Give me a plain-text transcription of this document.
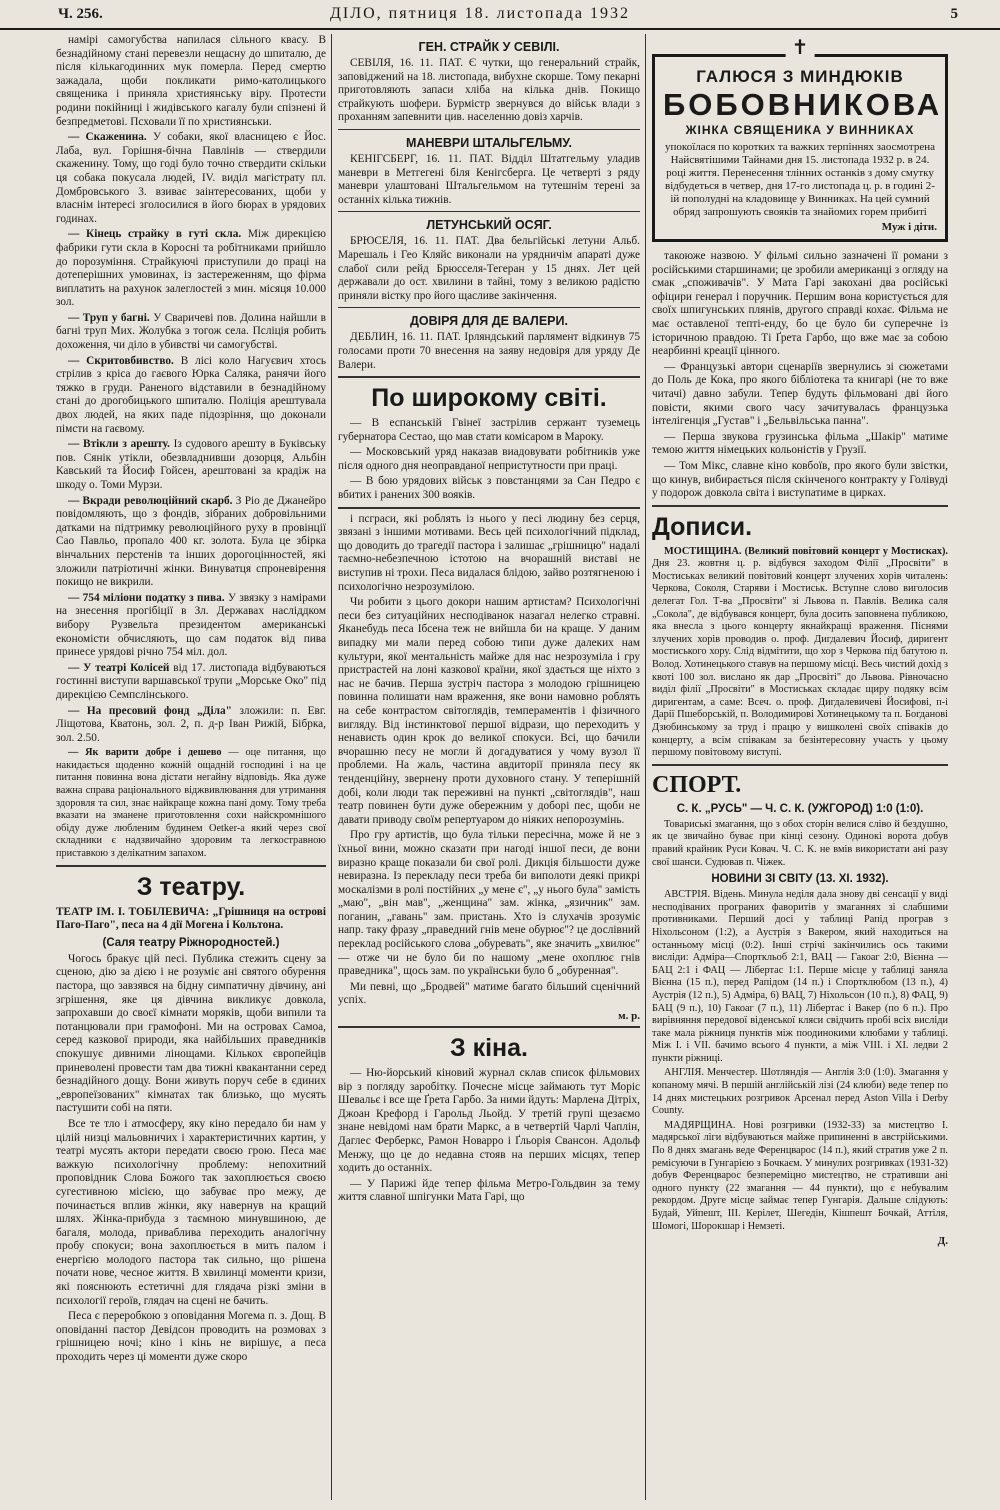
Ч. 256.	ДІЛО, пятниця 18. листопада 1932	5

намірі самогубства напилася сільного квасу. В безнадійному стані перевезли нещасну до шпиталю, де після кількагодинних мук померла. Перед смертю зажадала, щоби покликати римо-католицького священика і приняла християнську віру. Протести родини покійниці і жидівського кагалу були спізнені й безпредметові. Псховали її по християнськи.

— Скаженина. У собаки, якої власницею є Йос. Лаба, вул. Горішня-бічна Павлінів — ствердили скаженину. Тому, що годі було точно ствердити скільки ця собака покусала людей, IV. виділ магістрату пл. Домбровського 3. взиває заінтересованих, щоби у власнім інтересі зголосилися в його бюрах в урядових годинах.

— Кінець страйку в гуті скла. Між дирекцією фабрики гути скла в Коросні та робітниками прийшло до порозуміння. Страйкуючі приступили до праці на дотеперішних умовинах, із застереженням, що фірма виплатить на рахунок залеглостей з мин. місяця 10.000 зол.

— Труп у багні. У Сваричеві пов. Долина найшли в багні труп Мих. Жолубка з тогож села. Псліція робить дохоження, чи діло в убивстві чи самогубстві.

— Скритовбивство. В лісі коло Нагуєвич хтось стрілив з кріса до гаєвого Юрка Саляка, ранячи його тяжко в груди. Раненого відставили в безнадійному стані до дрогобицького шпиталю. Поліція арештувала двох людей, на яких паде підозріння, що доконали пімсти на гаєвому.

— Втікли з арешту. Із судового арешту в Буківську пов. Сянік утікли, обезвладнивши дозорця, Альбін Кавський та Йосиф Гойсен, арештовані за крадіж на шкоду о. Томи Мурзи.

— Вкради революційний скарб. З Ріо де Джанейро повідомляють, що з фондів, зібраних добровільними датками на підтримку революційного руху в провінції Сао Павльо, пропало 400 кг. золота. Була це збірка вінчальних перстенів та інших дорогоцінностей, які зложили патріотичні жінки. Винуватця спроневірення покищо не викрили.

— 754 міліони податку з пива. У звязку з намірами на знесення прогібіції в Зл. Державах насліддком вибору Рузвельта президентом американські економісти обчисляють, що сам податок від пива принесе урядові річно 754 міл. дол.

— У театрі Колісей від 17. листопада відбуваються гостинні виступи варшавської трупи „Морське Око" під дирекцією Семпслінського.

— На пресовий фонд „Діла" зложили: п. Евг. Ліщотова, Кватонь, зол. 2, п. д-р Іван Рижій, Бібрка, зол. 2.50.

— Як варити добре і дешево — оце питання, що накидається щоденно кожній ощадній господині і на це питання повинна вона дістати негайну відповідь. Яка дуже важна справа раціонального віджвивлювання для утримання здоровля та сил, знає найкраще кожна пані дому. Тому треба вказати на зманене приготовлення сохи найскромнішого обіду дуже любленим будинем Oetker-а який через свої складники є надзвичайно здоровим та легкострaвною приставкою з делікатним запахом.

З театру.

ТЕАТР ІМ. І. ТОБІЛЕВИЧА: „Грішниця на острові Паго-Паго", песа на 4 дії Могена і Кольтона.

(Саля театру Ріжнородностей.)

Чогось бракує цій песі. Публика стежить сцену за сценою, дію за дією і не розуміє ані святого обурення пастора, що завзявся на бідну симпатичну дівчину, ані згрішення, яке ця дівчина викликує довкола, запрохавши до своєї кімнати моряків, щоби випили та потанцювали при грамофоні. Ми на островах Самоа, серед казкової природи, яка найбільших праведників спокушує дивними лінощами. Кількох європейців приневолені провести там два тижні квакантанни серед безнадійного дощу. Вони живуть поруч себе в єдиних „европеїзованих" кімнатах так близько, що мусять пастушити собі на пяти.

Все те тло і атмосферу, яку кіно передало би нам у цілій низці мальовничих і характеристичних картин, у театрі мусять актори передати своєю грою. Песа має важкую психологічну проблему: непохитний проповідник Слова Божого так захоплюється своєю сугестивною місією, що забуває про межу, де починається вплив жінки, яку навернув на кращий шлях. Жінка-прибуда з таємною минувшиною, де багаля, молода, приваблива переходить аналогічну пробу спокуси; вона захоплюється в мить палом і енергією молодого пастора так сильно, що рішена почати нове, чесное життя. В хвилинці моменти кризи, які пояснюють естетичні для глядача різкі зміни в психології героїв, глядач на сцені не бачить.

Песа є переробкою з оповідання Могема п. з. Дощ. В оповіданні пастор Девідсон проводить на розмовах з грішницею ночі; кіно і кінь не вирішує, а песа проходить через ці моменти дуже скоро

ГЕН. СТРАЙК У СЕВІЛІ.

СЕВІЛЯ, 16. 11. ПАТ. Є чутки, що генеральний страйк, заповіджений на 18. листопада, вибухне скорше. Тому пекарні приготовляють запаси хліба на кілька днів. Покищо страйкують шофери. Бурмістр звернувся до військ влади з проханням запевнити цив. населенню довіз харчів.

МАНЕВРИ ШТАЛЬГЕЛЬМУ.

КЕНІГСБЕРГ, 16. 11. ПАТ. Відділ Штатгельму уладив маневри в Метгегені біля Кенігсберга. Це четверті з ряду маневри улаштовані Штальгельмом на тутешнім терені за останніх кілька тижнів.

ЛЕТУНСЬКИЙ ОСЯГ.

БРЮСЕЛЯ, 16. 11. ПАТ. Два бельгійські летуни Альб. Марешаль і Гео Кляйс виконали на урядничім апараті дуже слабої сили рейд Брюсселя-Тегеран у 15 днях. Лет цей державали до ост. хвилини в тайні, тому з великою радістю приняли вістку про його щасливе закінчення.

ДОВІРЯ ДЛЯ ДЕ ВАЛЕРИ.

ДЕБЛИН, 16. 11. ПАТ. Ірляндський парлямент відкинув 75 голосами проти 70 внесення на заяву недовіря для уряду Де Валери.

По широкому світі.

— В еспанській Гвінеї застрілив сержант туземець губернатора Сестао, що мав стати комісаром в Мароку.

— Московський уряд наказав виадовувати робітників уже після одного дня неоправданої непристутности при праці.

— В бою урядових військ з повстанцями за Сан Педро є вбитих і ранених 300 вояків.

і псграси, які роблять із нього у песі людину без серця, звязані з іншими мотивами. Весь цей психологічний підклад, що доводить до трагедії пастора і залишає „грішницю" надалі таємно-небезпечною істотою на вчорашній виставі не виступив ні трохи. Песа видалася блідою, зайво розтягненою і психологічно незрозумілою.

Чи робити з цього докори нашим артистам? Психологічні песи без ситуаційних несподіванок назагал нелегко стравні. Яканебудь песа Ібсена теж не вийшла би на кращe. У даним випадку ми мали перед собою типи дуже далеких нам культури, якої ментальність майже для нас незрозуміла і гру пристрастей на лоні казкової країни, якої здається ще ніхто з нас не бачив. Перша зустріч пастора з молодою грішницею повинна полишати нам враження, яке вони намовно роблять на себе контрастом світоглядів, темпераментів і фізичного вигляду. Від інстинктової першої відрази, що переходить у ненависть один крок до великої спокуси. Всі, що бачили вчорашню песу не могли й догадуватися у чому вузол її проблеми. На жаль, частина авдиторії приняла песу як тенденційну, звернену проти духовного стану. У теперішній добі, коли люди так переживні на пунктi „світоглядів", наш театр повинен бути дуже обережним у доборі пес, щоби не давати приводу своїм репертуаром до ніяких непорозумінь.

Про гру артистів, що була тільки пересічна, може й не з їхньої вини, можно сказати при нагоді іншої песи, де вони виразно краще показали би свої ролі. Дикція більшости дуже невиразна. Із перекладу песи треба би виполоти деякі прикрі москалізми в ролі постійних „у мене є", „у нього була" замість „маю", „він мав", „женщина" зам. жінка, „язичник" зам. поганин, „гавань" зам. пристань. Хто із слухачів зрозуміє напр. таку фразу „праведний гнів мене обурює"? це дослівний переклад російського слова „обуревать", яке значить „хвилює" — отже чи не було би по нашому „мене охоплює гнів праведника", щось зам. по українськи було б „обуренная".

Ми певні, що „Бродвей" матиме багато більший сценічний успіх.

м. р.
З кіна.

— Ню-йорський кіновий журнал склав список фільмових вір з погляду заробітку. Почесне місце займають тут Моріс Шевальє і все ще Ґрета Гарбо. За ними йдуть: Марлена Дітріх, Джоан Крефорд і Гарольд Льойд. У третій групі щезаємо знане невідомі нам брати Маркс, а в четвертій Чарлі Чаплін, Даглес Ферберкс, Рамон Новарро і Ґльорія Свансон. Адольф Менжу, що це до недавна стояв на перших місцях, тепер ходить до останніх.

— У Парижі йде тепер фільма Метро-Гольдвин за тему життя славної шпігунки Мата Гарі, що

✝
ГАЛЮСЯ З МИНДЮКІВ
БОБОВНИКОВА
ЖІНКА СВЯЩЕНИКА У ВИННИКАХ

упокоїлася по коротких та важких терпіннях заосмотрена Найсвятішими Тайнами дня 15. листопада 1932 р. в 24. році життя. Перенесення тлінних останків з дому смутку відбудеться в четвер, дня 17-го листопада ц. р. в годині 2-ій пополудні на кладовище у Винниках. На цей сумний обряд запрошують своякiв та знайомих горем прибиті

Муж і діти.

такоюже назвою. У фільмі сильно зазначені її романи з російськими старшинами; це зробили американці з огляду на смак „споживачів". У Мата Гарі закохані два російські офіцири генерал і поручник. Першим вона користується для своїх шпигунських плянів, другого справді кохає. Фільма не має оставленої тепті-енду, бо це було би суперечне із історичною правдою. Ті Ґрета Гарбо, що вже має за собою неарбинні креації цінного.

— Французькі автори сценаріїв звернулись зі сюжетами до Поль де Кока, про якого бібліотека та книгарі (не то вже читачі) давно забули. Тепер будуть фільмовані дві його повісти, якими свого часу зачитувалась французька інтелігенція „Густав" і „Бельвільська панна".

— Перша звукова грузинська фільма „Шакір" матиме темою життя німецьких кольоністів у Грузії.

— Том Мікс, славне кіно ковбоїв, про якого були звістки, що кинув, вибирається після скінченого контракту у Голівуді у подорож довкола світа і виступатиме в цирках.

Дописи.

МОСТИЩИНА. (Великий повітовий концерт у Мостисках). Дня 23. жовтня ц. р. відбувся заходом Філії „Просвіти" в Мостиськах великий повітовий концерт злучених хорів читалень: Черкова, Соколя, Старяви і Мостиськ. Вступне слово виголосив делегат Гол. Т-ва „Просвіти" зі Львова п. Павлів. Велика саля „Сокола", де відбувався концерт, була досить заповнена публикою, яка внесла з цього концерту якнайкращі враження. Піснями злучених хорів проводив о. проф. Дигдалевич Йосиф, диригент мостиського хору. Слід відмітити, що хор з Черкова під батутою п. Волод. Хотинецького ставув на першому місці. Весь чистий дохід з квоті 100 зол. вислано як дар „Просвіті" до Львова. Рівночасно виділ філії „Просвіти" в Мостиськах складає щиру подяку всім диригентам, а саме: Всеч. о. проф. Дигдалевичеві Йосифові, п-і Дарії Пшеборській, п. Володимирові Хотинецькому та п. Богданові Дзюбинському за труд і працю у вишколені своїх співаків до концерту, а всім співакам за безінтересовну участь у цьому першому повітовому виступі.

СПОРТ.
С. К. „РУСЬ" — Ч. С. К. (УЖГОРОД) 1:0 (1:0).

Товариські змагання, що з обох сторін велися сліво й бездушно, як це звичайно буває при кінці сезону. Одинокі ворота добув правий крайник Руси Ковач. Ч. С. К. не вмів використати ані разу свої шанси. Судював п. Чіжек.

НОВИНИ ЗІ СВІТУ (13. XI. 1932).

АВСТРІЯ. Відень. Минула неділя дала знову дві сенсації у виді несподіваних програних фаворитів у змаганнях зі слабшими противниками. Перший досі у таблиці Рапід програв з Ніхольсоном (1:2), а Аустрія з Вакером, який находиться на останньому місці (0:2). Інші стрічі закінчились ось такими висліди: Адміра—Спорткльоб 2:1, ВАЦ — Гакоаг 2:0, Вієнна — БАЦ 2:1 і ФАЦ — Лібертас 1:1. Перше місце у таблиці заняла Вієнна (15 п.), перед Рапідом (14 п.) і Спортклюбом (13 п.), 4) Аустрія (12 п.), 5) Адміра, 6) ВАЦ, 7) Ніхольсон (10 п.), 8) ФАЦ, 9) БАЦ (9 п.), 10) Гакоаг (7 п.), 11) Лібертас і Вакер (по 6 п.). Про вирівняння передової віденської кляси свідчить пробі всіх висліди таке мала ріжниця пунктів між поодинокими клюбами у таблиці. Між I. і VII. бачимо всього 4 пункти, а між VIII. і XI. ледви 2 пункти ріжниці.

АНГЛІЯ. Менчестер. Шотляндія — Англія 3:0 (1:0). Змагання у копаному мячі. В першій англійській лізі (24 клюби) веде тепер по 14 днях мистецьких розгривок Арсенал перед Aston Villa і Derby County.

МАДЯРЩИНА. Нові розгривки (1932-33) за мистецтво I. мадярської ліги відбуваються майже припиненні в австрійськими. По 8 днях змагань веде Ференцварос (14 п.), який стратив уже 2 п. ремісуючи в Гунгарією з Бочкаєм. У минулих розгривках (1931-32) добув Ференцварос безпереміцно мистецтво, не стративши ані одного пункту (22 змагання — 44 пункти), що є небувалим рекордом. Друге місце займає тепер Гунгарія. Дальше слідують: Будай, Уйпешт, ІІІ. Керілет, Шегедін, Кішпешт Бочкай, Аттіля, Шомогі, Шорокшар і Немзеті.

Д.
